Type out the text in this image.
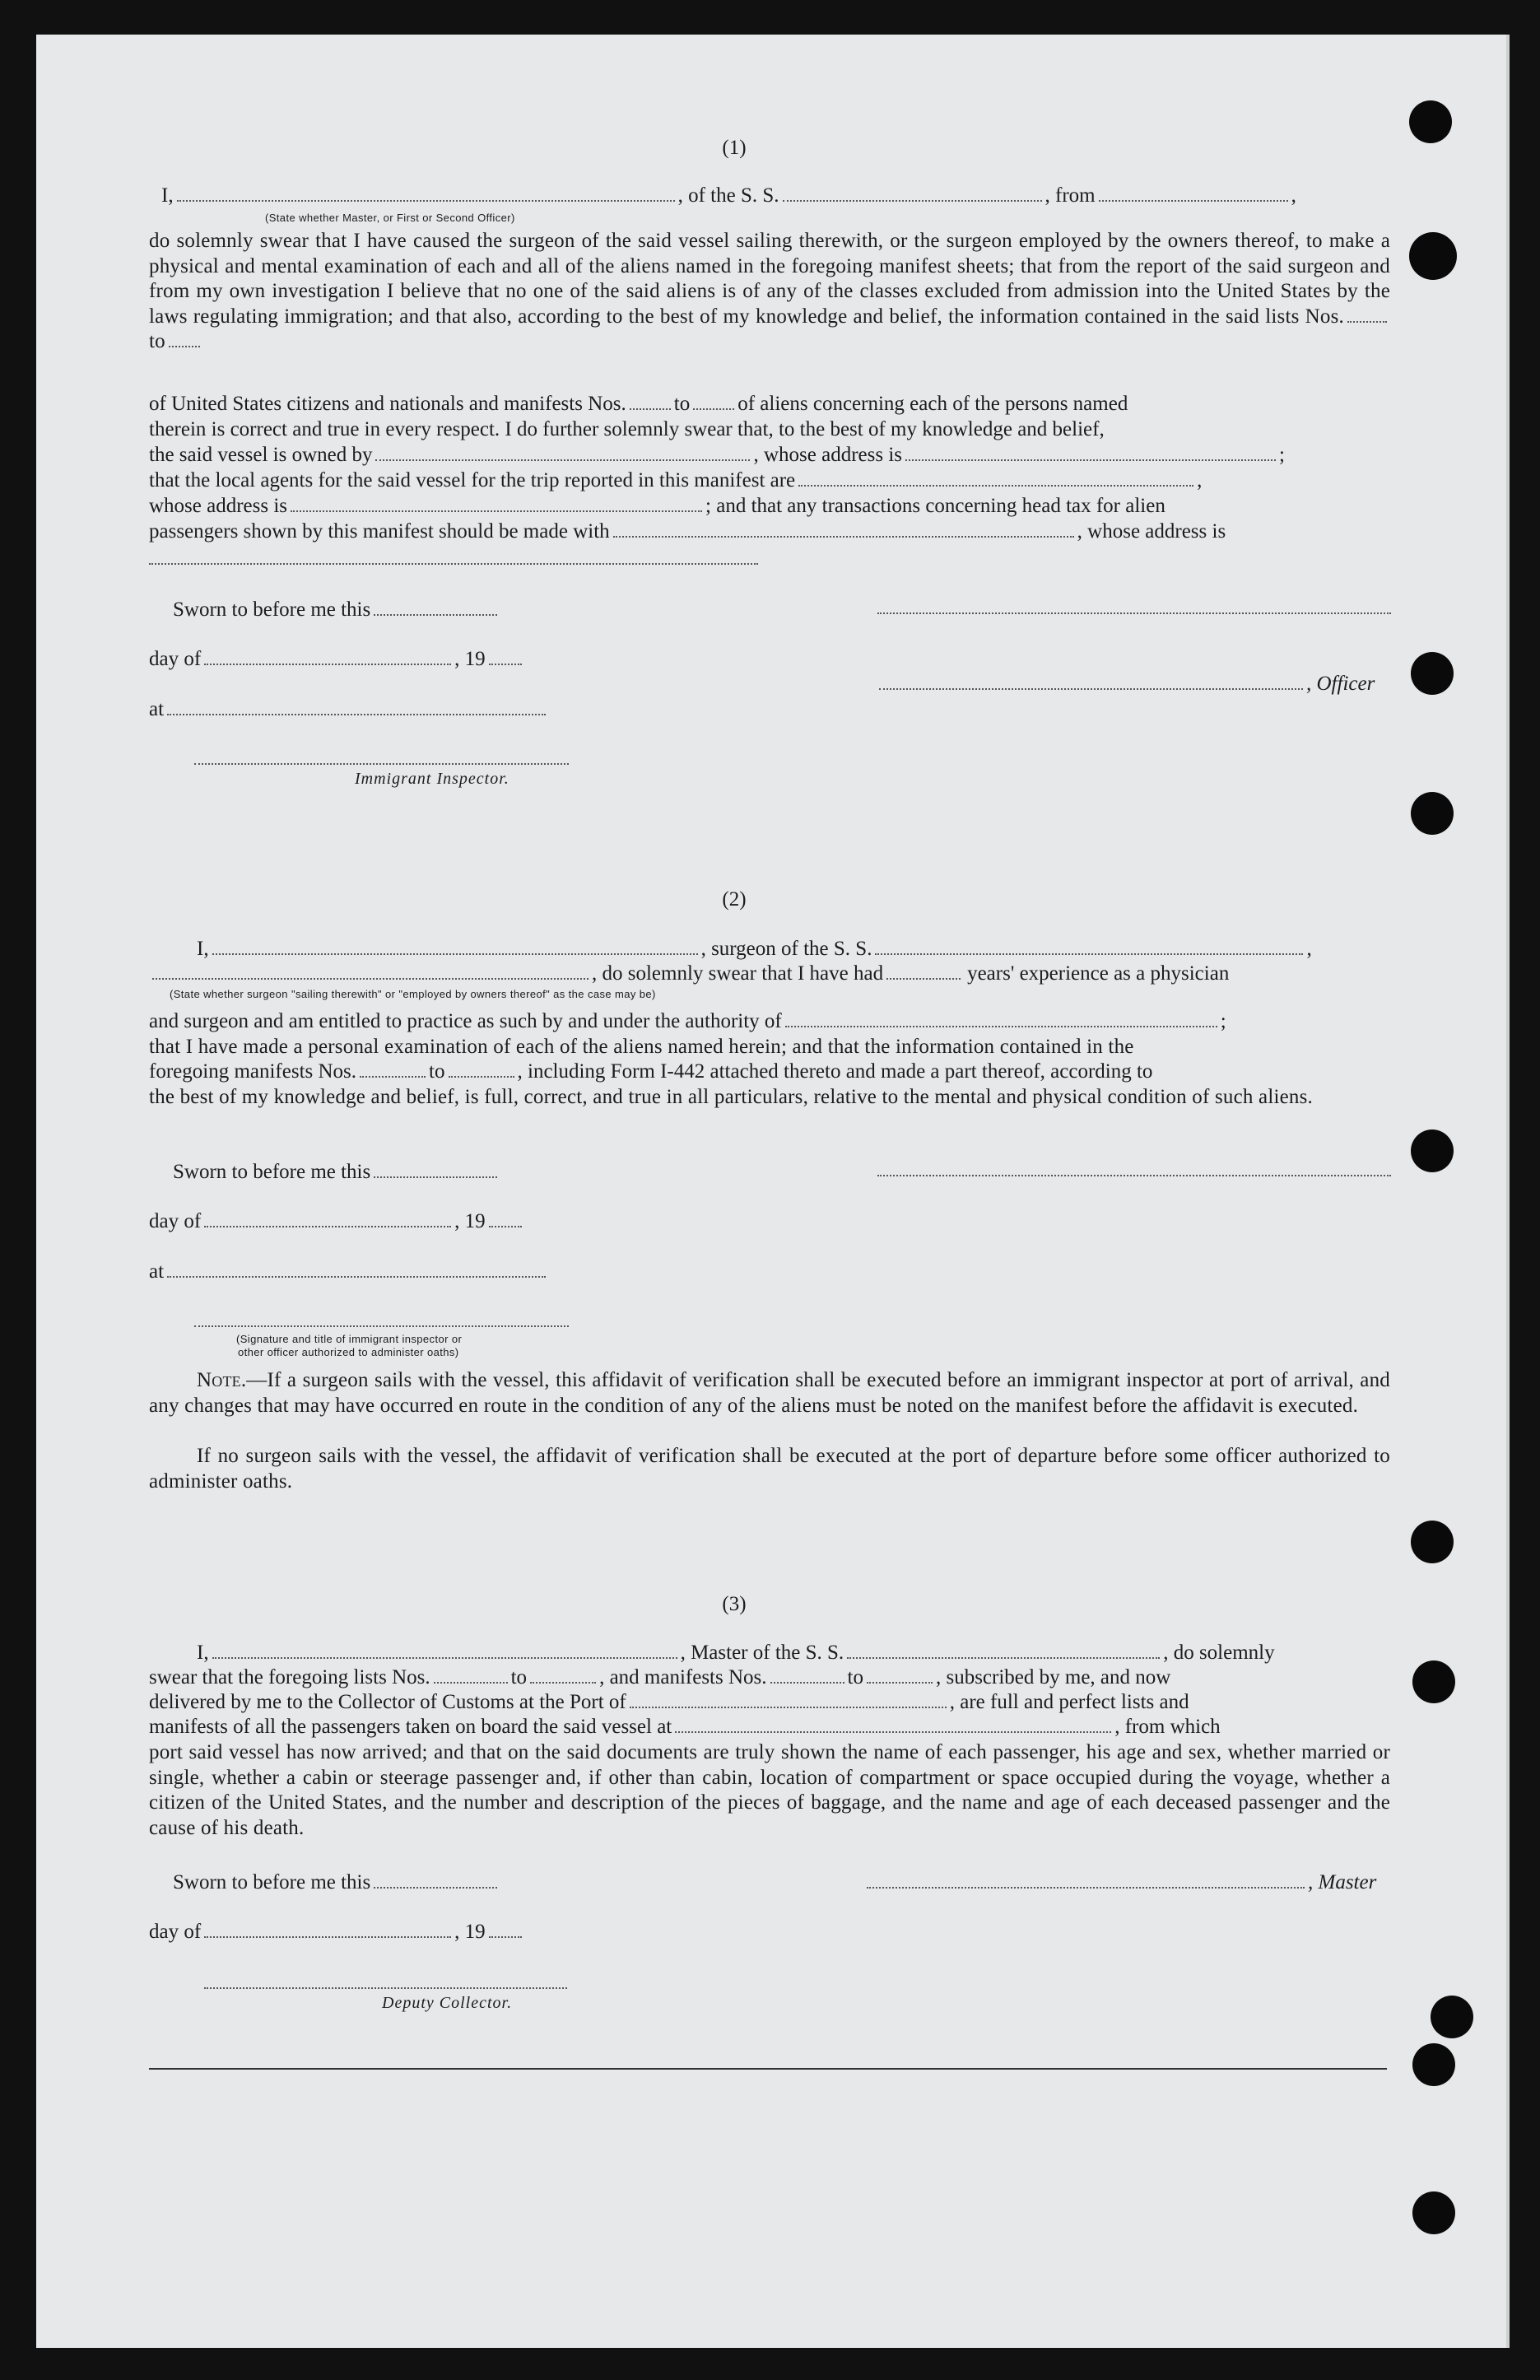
(1)
I,	, of the S. S.	, from	,
(State whether Master, or First or Second Officer)
do solemnly swear that I have caused the surgeon of the said vessel sailing therewith, or the surgeon employed by the owners thereof, to make a physical and mental examination of each and all of the aliens named in the foregoing manifest sheets; that from the report of the said surgeon and from my own investigation I believe that no one of the said aliens is of any of the classes excluded from admission into the United States by the laws regulating immigration; and that also, according to the best of my knowledge and belief, the information contained in the said lists Nos.to
of United States citizens and nationals and manifests Nos. to of aliens concerning each of the persons named
therein is correct and true in every respect. I do further solemnly swear that, to the best of my knowledge and belief,
the said vessel is owned by	, whose address is	;
that the local agents for the said vessel for the trip reported in this manifest are	,
whose address is	; and that any transactions concerning head tax for alien
passengers shown by this manifest should be made with	, whose address is
Sworn to before me this
day of	, 19
, Officer
at
Immigrant Inspector.
(2)
I,	, surgeon of the S. S.	,
, do solemnly swear that I have had	years' experience as a physician
(State whether surgeon "sailing therewith" or "employed by owners thereof" as the case may be)
and surgeon and am entitled to practice as such by and under the authority of	;
that I have made a personal examination of each of the aliens named herein; and that the information contained in the
foregoing manifests Nos.	to	, including Form I-442 attached thereto and made a part thereof, according to
the best of my knowledge and belief, is full, correct, and true in all particulars, relative to the mental and physical condition of such aliens.
Sworn to before me this
day of	, 19
at
(Signature and title of immigrant inspector or
other officer authorized to administer oaths)
Note.—If a surgeon sails with the vessel, this affidavit of verification shall be executed before an immigrant inspector at port of arrival, and any changes that may have occurred en route in the condition of any of the aliens must be noted on the manifest before the affidavit is executed.
If no surgeon sails with the vessel, the affidavit of verification shall be executed at the port of departure before some officer authorized to administer oaths.
(3)
I,	, Master of the S. S.	, do solemnly
swear that the foregoing lists Nos.	to	, and manifests Nos.	to	, subscribed by me, and now
delivered by me to the Collector of Customs at the Port of	, are full and perfect lists and
manifests of all the passengers taken on board the said vessel at	, from which
port said vessel has now arrived; and that on the said documents are truly shown the name of each passenger, his age and sex, whether married or single, whether a cabin or steerage passenger and, if other than cabin, location of compartment or space occupied during the voyage, whether a citizen of the United States, and the number and description of the pieces of baggage, and the name and age of each deceased passenger and the cause of his death.
Sworn to before me this	, Master
day of	, 19
Deputy Collector.
